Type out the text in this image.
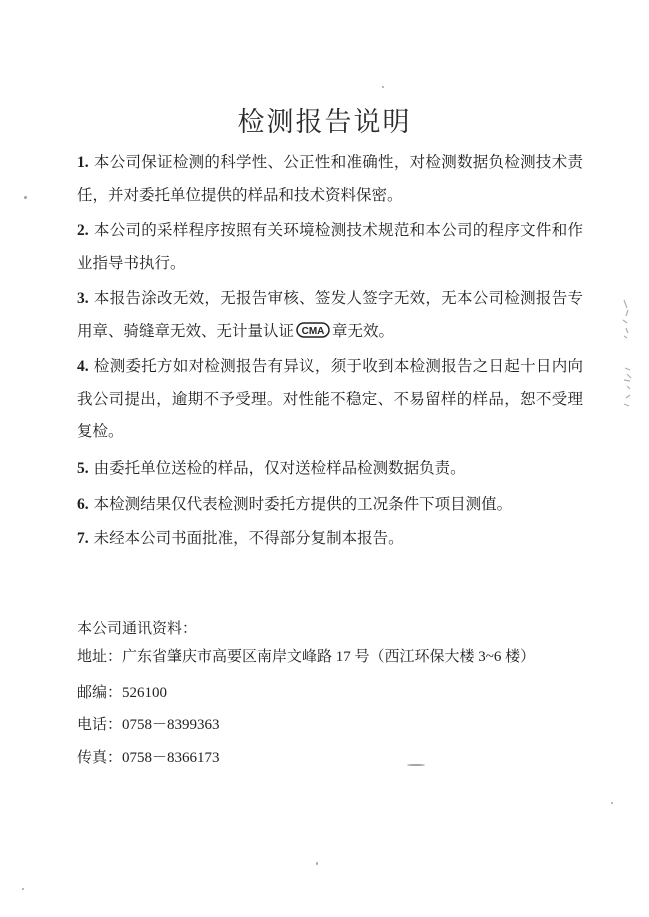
检测报告说明
1. 本公司保证检测的科学性、公正性和准确性，对检测数据负检测技术责任，并对委托单位提供的样品和技术资料保密。
2. 本公司的采样程序按照有关环境检测技术规范和本公司的程序文件和作业指导书执行。
3. 本报告涂改无效，无报告审核、签发人签字无效，无本公司检测报告专用章、骑缝章无效、无计量认证 CMA 章无效。
4. 检测委托方如对检测报告有异议，须于收到本检测报告之日起十日内向我公司提出，逾期不予受理。对性能不稳定、不易留样的样品，恕不受理复检。
5. 由委托单位送检的样品，仅对送检样品检测数据负责。
6. 本检测结果仅代表检测时委托方提供的工况条件下项目测值。
7. 未经本公司书面批准，不得部分复制本报告。
本公司通讯资料：
地址：广东省肇庆市高要区南岸文峰路 17 号（西江环保大楼 3~6 楼）
邮编：526100
电话：0758－8399363
传真：0758－8366173
